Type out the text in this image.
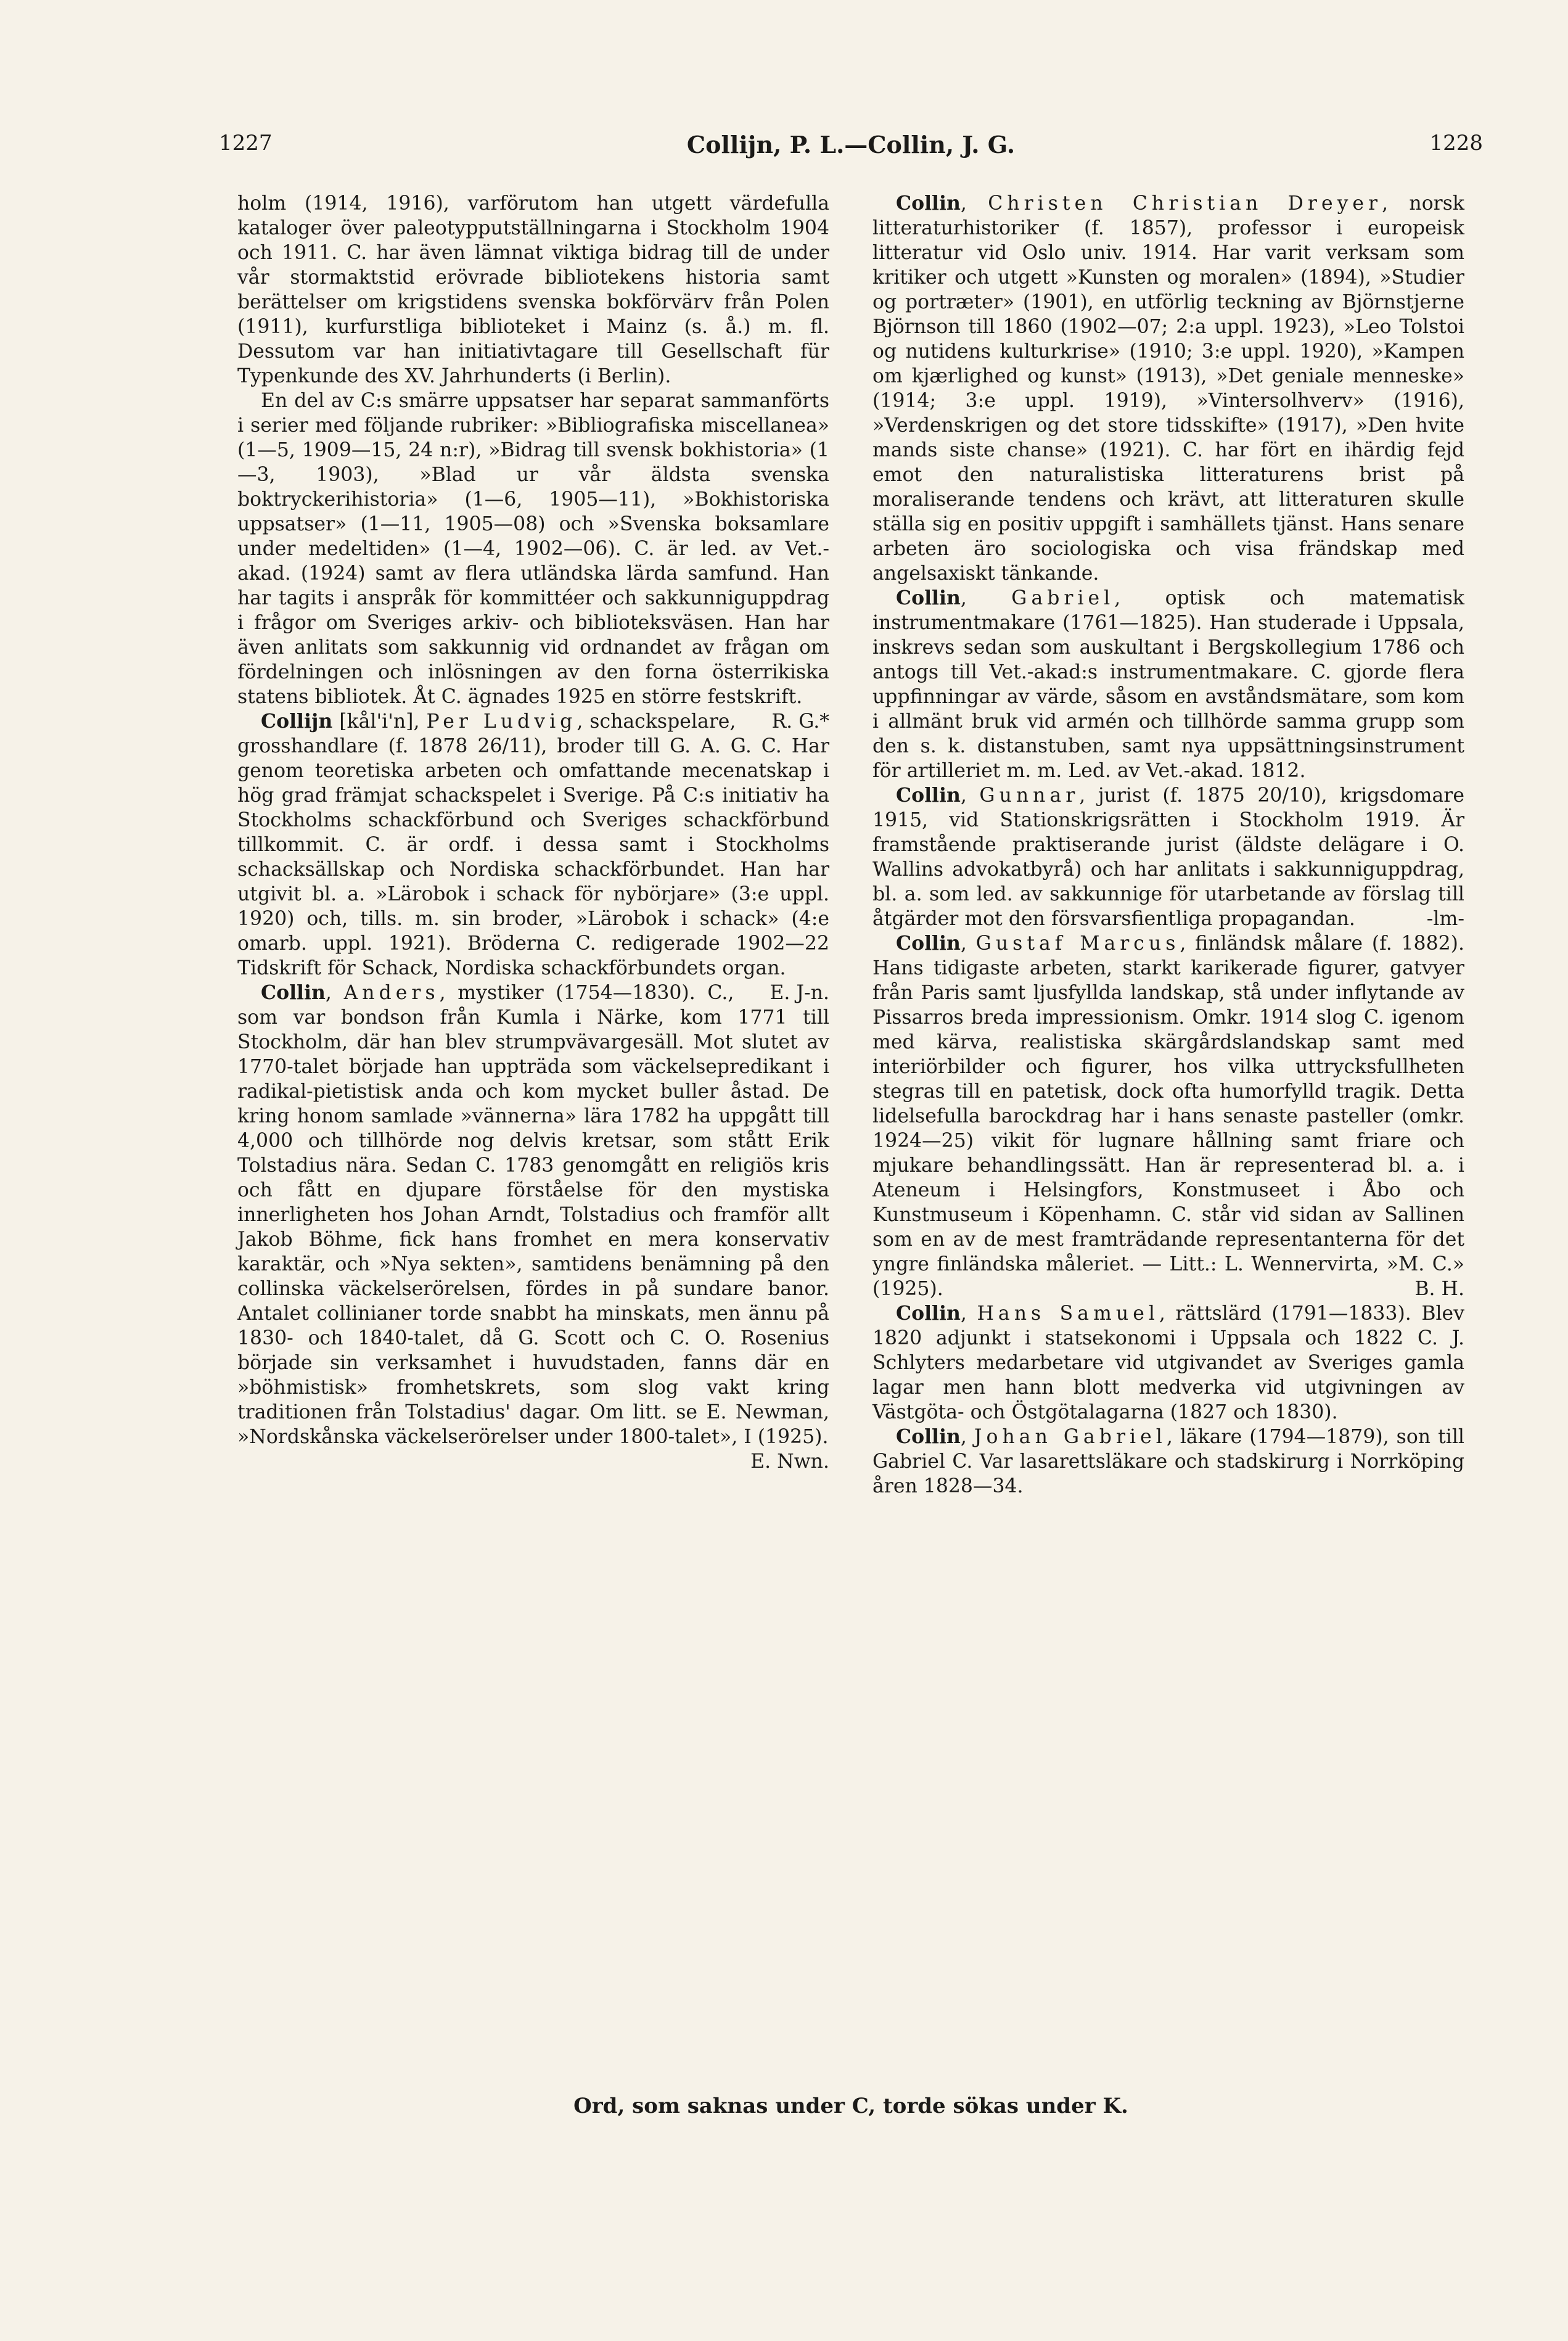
1227	Collijn, P. L.—Collin, J. G.	1228

holm (1914, 1916), varförutom han utgett värdefulla kataloger över paleotypputställningarna i Stockholm 1904 och 1911. C. har även lämnat viktiga bidrag till de under vår stormaktstid erövrade bibliotekens historia samt berättelser om krigstidens svenska bokförvärv från Polen (1911), kurfurstliga biblioteket i Mainz (s. å.) m. fl. Dessutom var han initiativtagare till Gesellschaft für Typenkunde des XV. Jahrhunderts (i Berlin).

En del av C:s smärre uppsatser har separat sammanförts i serier med följande rubriker: »Bibliografiska miscellanea» (1—5, 1909—15, 24 n:r), »Bidrag till svensk bokhistoria» (1—3, 1903), »Blad ur vår äldsta svenska boktryckerihistoria» (1—6, 1905—11), »Bokhistoriska uppsatser» (1—11, 1905—08) och »Svenska boksamlare under medeltiden» (1—4, 1902—06). C. är led. av Vet.-akad. (1924) samt av flera utländska lärda samfund. Han har tagits i anspråk för kommittéer och sakkunniguppdrag i frågor om Sveriges arkiv- och biblioteksväsen. Han har även anlitats som sakkunnig vid ordnandet av frågan om fördelningen och inlösningen av den forna österrikiska statens bibliotek. Åt C. ägnades 1925 en större festskrift.
R. G.*

Collijn [kål'i'n], Per Ludvig, schackspelare, grosshandlare (f. 1878 26/11), broder till G. A. G. C. Har genom teoretiska arbeten och omfattande mecenatskap i hög grad främjat schackspelet i Sverige. På C:s initiativ ha Stockholms schackförbund och Sveriges schackförbund tillkommit. C. är ordf. i dessa samt i Stockholms schacksällskap och Nordiska schackförbundet. Han har utgivit bl. a. »Lärobok i schack för nybörjare» (3:e uppl. 1920) och, tills. m. sin broder, »Lärobok i schack» (4:e omarb. uppl. 1921). Bröderna C. redigerade 1902—22 Tidskrift för Schack, Nordiska schackförbundets organ.
E. J-n.

Collin, Anders, mystiker (1754—1830). C., som var bondson från Kumla i Närke, kom 1771 till Stockholm, där han blev strumpvävargesäll. Mot slutet av 1770-talet började han uppträda som väckelsepredikant i radikal-pietistisk anda och kom mycket buller åstad. De kring honom samlade »vännerna» lära 1782 ha uppgått till 4,000 och tillhörde nog delvis kretsar, som stått Erik Tolstadius nära. Sedan C. 1783 genomgått en religiös kris och fått en djupare förståelse för den mystiska innerligheten hos Johan Arndt, Tolstadius och framför allt Jakob Böhme, fick hans fromhet en mera konservativ karaktär, och »Nya sekten», samtidens benämning på den collinska väckelserörelsen, fördes in på sundare banor. Antalet collinianer torde snabbt ha minskats, men ännu på 1830- och 1840-talet, då G. Scott och C. O. Rosenius började sin verksamhet i huvudstaden, fanns där en »böhmistisk» fromhetskrets, som slog vakt kring traditionen från Tolstadius' dagar. Om litt. se E. Newman, »Nordskånska väckelserörelser under 1800-talet», I (1925).
E. Nwn.

Collin, Christen Christian Dreyer, norsk litteraturhistoriker (f. 1857), professor i europeisk litteratur vid Oslo univ. 1914. Har varit verksam som kritiker och utgett »Kunsten og moralen» (1894), »Studier og portræter» (1901), en utförlig teckning av Björnstjerne Björnson till 1860 (1902—07; 2:a uppl. 1923), »Leo Tolstoi og nutidens kulturkrise» (1910; 3:e uppl. 1920), »Kampen om kjærlighed og kunst» (1913), »Det geniale menneske» (1914; 3:e uppl. 1919), »Vintersolhverv» (1916), »Verdenskrigen og det store tidsskifte» (1917), »Den hvite mands siste chanse» (1921). C. har fört en ihärdig fejd emot den naturalistiska litteraturens brist på moraliserande tendens och krävt, att litteraturen skulle ställa sig en positiv uppgift i samhällets tjänst. Hans senare arbeten äro sociologiska och visa frändskap med angelsaxiskt tänkande.

Collin, Gabriel, optisk och matematisk instrumentmakare (1761—1825). Han studerade i Uppsala, inskrevs sedan som auskultant i Bergskollegium 1786 och antogs till Vet.-akad:s instrumentmakare. C. gjorde flera uppfinningar av värde, såsom en avståndsmätare, som kom i allmänt bruk vid armén och tillhörde samma grupp som den s. k. distanstuben, samt nya uppsättningsinstrument för artilleriet m. m. Led. av Vet.-akad. 1812.

Collin, Gunnar, jurist (f. 1875 20/10), krigsdomare 1915, vid Stationskrigsrätten i Stockholm 1919. Är framstående praktiserande jurist (äldste delägare i O. Wallins advokatbyrå) och har anlitats i sakkunniguppdrag, bl. a. som led. av sakkunnige för utarbetande av förslag till åtgärder mot den försvarsfientliga propagandan.	-lm-

Collin, Gustaf Marcus, finländsk målare (f. 1882). Hans tidigaste arbeten, starkt karikerade figurer, gatvyer från Paris samt ljusfyllda landskap, stå under inflytande av Pissarros breda impressionism. Omkr. 1914 slog C. igenom med kärva, realistiska skärgårdslandskap samt med interiörbilder och figurer, hos vilka uttrycksfullheten stegras till en patetisk, dock ofta humorfylld tragik. Detta lidelsefulla barockdrag har i hans senaste pasteller (omkr. 1924—25) vikit för lugnare hållning samt friare och mjukare behandlingssätt. Han är representerad bl. a. i Ateneum i Helsingfors, Konstmuseet i Åbo och Kunstmuseum i Köpenhamn. C. står vid sidan av Sallinen som en av de mest framträdande representanterna för det yngre finländska måleriet. — Litt.: L. Wennervirta, »M. C.» (1925).	B. H.

Collin, Hans Samuel, rättslärd (1791—1833). Blev 1820 adjunkt i statsekonomi i Uppsala och 1822 C. J. Schlyters medarbetare vid utgivandet av Sveriges gamla lagar men hann blott medverka vid utgivningen av Västgöta- och Östgötalagarna (1827 och 1830).

Collin, Johan Gabriel, läkare (1794—1879), son till Gabriel C. Var lasarettsläkare och stadskirurg i Norrköping åren 1828—34.

Ord, som saknas under C, torde sökas under K.
